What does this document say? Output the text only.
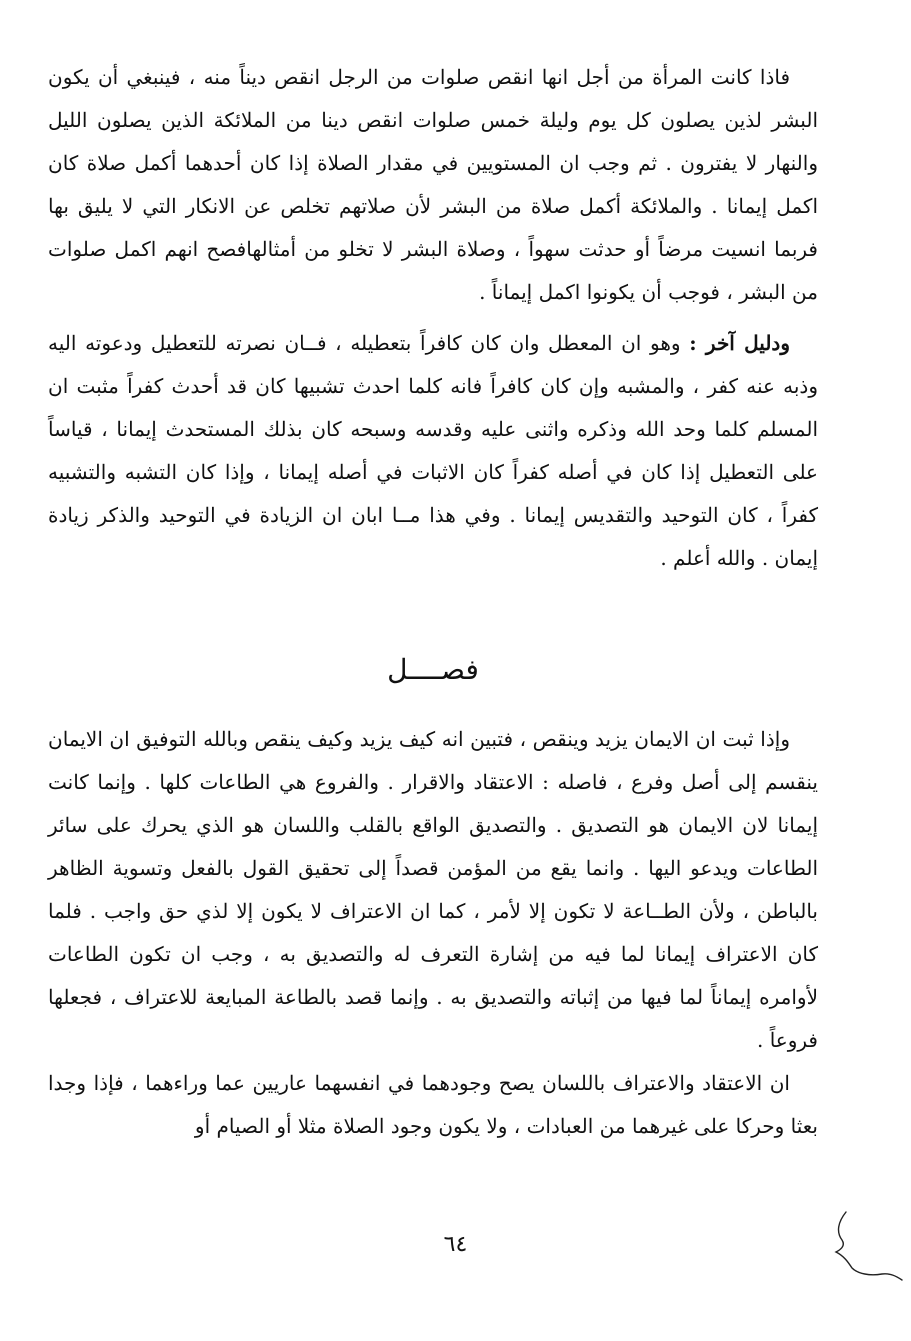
فاذا كانت المرأة من أجل انها انقص صلوات من الرجل انقص ديناً منه ، فينبغي أن يكون البشر لذين يصلون كل يوم وليلة خمس صلوات انقص دينا من الملائكة الذين يصلون الليل والنهار لا يفترون . ثم وجب ان المستويين في مقدار الصلاة إذا كان أحدهما أكمل صلاة كان اكمل إيمانا . والملائكة أكمل صلاة من البشر لأن صلاتهم تخلص عن الانكار التي لا يليق بها فربما انسيت مرضاً أو حدثت سهواً ، وصلاة البشر لا تخلو من أمثالهافصح انهم اكمل صلوات من البشر ، فوجب أن يكونوا اكمل إيماناً .

ودليل آخر : وهو ان المعطل وان كان كافراً بتعطيله ، فــان نصرته للتعطيل ودعوته اليه وذبه عنه كفر ، والمشبه وإن كان كافراً فانه كلما احدث تشبيها كان قد أحدث كفراً مثبت ان المسلم كلما وحد الله وذكره واثنى عليه وقدسه وسبحه كان بذلك المستحدث إيمانا ، قياساً على التعطيل إذا كان في أصله كفراً كان الاثبات في أصله إيمانا ، وإذا كان التشبه والتشبيه كفراً ، كان التوحيد والتقديس إيمانا . وفي هذا مــا ابان ان الزيادة في التوحيد والذكر زيادة إيمان . والله أعلم .

فصــــل

وإذا ثبت ان الايمان يزيد وينقص ، فتبين انه كيف يزيد وكيف ينقص وبالله التوفيق ان الايمان ينقسم إلى أصل وفرع ، فاصله : الاعتقاد والاقرار . والفروع هي الطاعات كلها . وإنما كانت إيمانا لان الايمان هو التصديق . والتصديق الواقع بالقلب واللسان هو الذي يحرك على سائر الطاعات ويدعو اليها . وانما يقع من المؤمن قصداً إلى تحقيق القول بالفعل وتسوية الظاهر بالباطن ، ولأن الطــاعة لا تكون إلا لأمر ، كما ان الاعتراف لا يكون إلا لذي حق واجب . فلما كان الاعتراف إيمانا لما فيه من إشارة التعرف له والتصديق به ، وجب ان تكون الطاعات لأوامره إيماناً لما فيها من إثباته والتصديق به . وإنما قصد بالطاعة المبايعة للاعتراف ، فجعلها فروعاً .

ان الاعتقاد والاعتراف باللسان يصح وجودهما في انفسهما عاريين عما وراءهما ، فإذا وجدا بعثا وحركا على غيرهما من العبادات ، ولا يكون وجود الصلاة مثلا أو الصيام أو

٦٤
